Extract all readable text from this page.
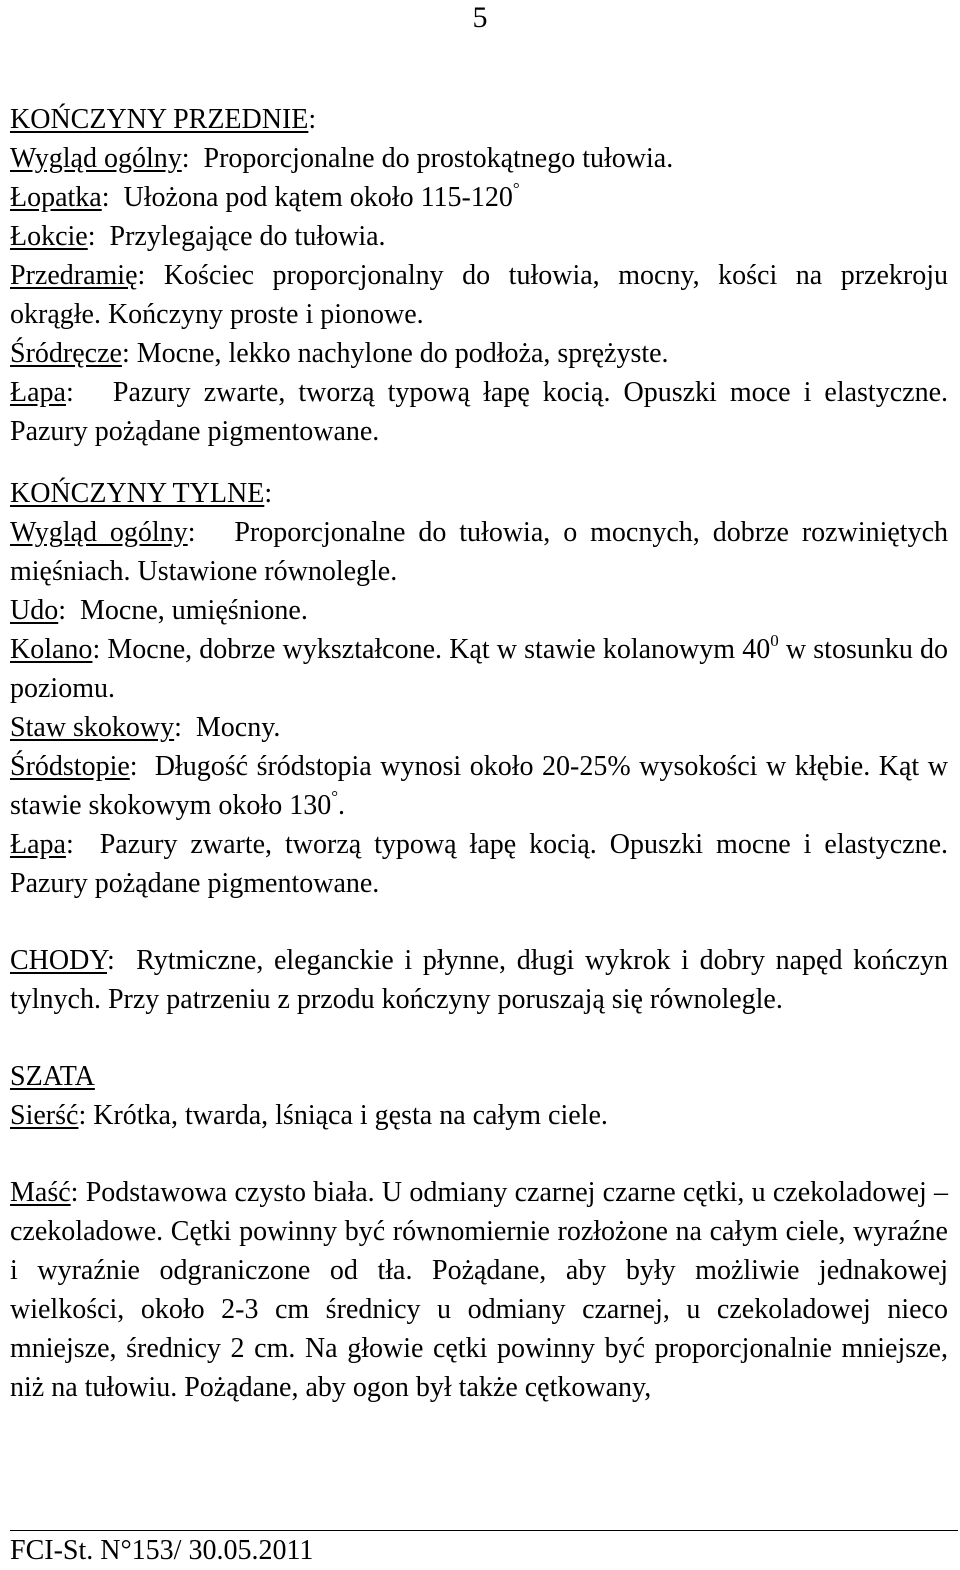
5
KOŃCZYNY PRZEDNIE:
Wygląd ogólny:  Proporcjonalne do prostokątnego tułowia.
Łopatka:  Ułożona pod kątem około 115-120°
Łokcie:  Przylegające do tułowia.
Przedramię: Kościec proporcjonalny do tułowia, mocny, kości na przekroju okrągłe. Kończyny proste i pionowe.
Śródręcze: Mocne, lekko nachylone do podłoża, sprężyste.
Łapa:   Pazury zwarte, tworzą typową łapę kocią. Opuszki moce i elastyczne. Pazury pożądane pigmentowane.
KOŃCZYNY TYLNE:
Wygląd ogólny:   Proporcjonalne do tułowia, o mocnych, dobrze rozwiniętych mięśniach. Ustawione równolegle.
Udo:  Mocne, umięśnione.
Kolano: Mocne, dobrze wykształcone. Kąt w stawie kolanowym $40^0$ w stosunku do poziomu.
Staw skokowy:  Mocny.
Śródstopie:  Długość śródstopia wynosi około 20-25% wysokości w kłębie. Kąt w stawie skokowym około 130°.
Łapa:  Pazury zwarte, tworzą typową łapę kocią. Opuszki mocne i elastyczne. Pazury pożądane pigmentowane.
CHODY:  Rytmiczne, eleganckie i płynne, długi wykrok i dobry napęd kończyn tylnych. Przy patrzeniu z przodu kończyny poruszają się równolegle.
SZATA
Sierść: Krótka, twarda, lśniąca i gęsta na całym ciele.
Maść: Podstawowa czysto biała. U odmiany czarnej czarne cętki, u czekoladowej – czekoladowe. Cętki powinny być równomiernie rozłożone na całym ciele, wyraźne i wyraźnie odgraniczone od tła. Pożądane, aby były możliwie jednakowej wielkości, około 2-3 cm średnicy u odmiany czarnej, u czekoladowej nieco mniejsze, średnicy 2 cm. Na głowie cętki powinny być proporcjonalnie mniejsze, niż na tułowiu. Pożądane, aby ogon był także cętkowany,
FCI-St. N°153/ 30.05.2011
